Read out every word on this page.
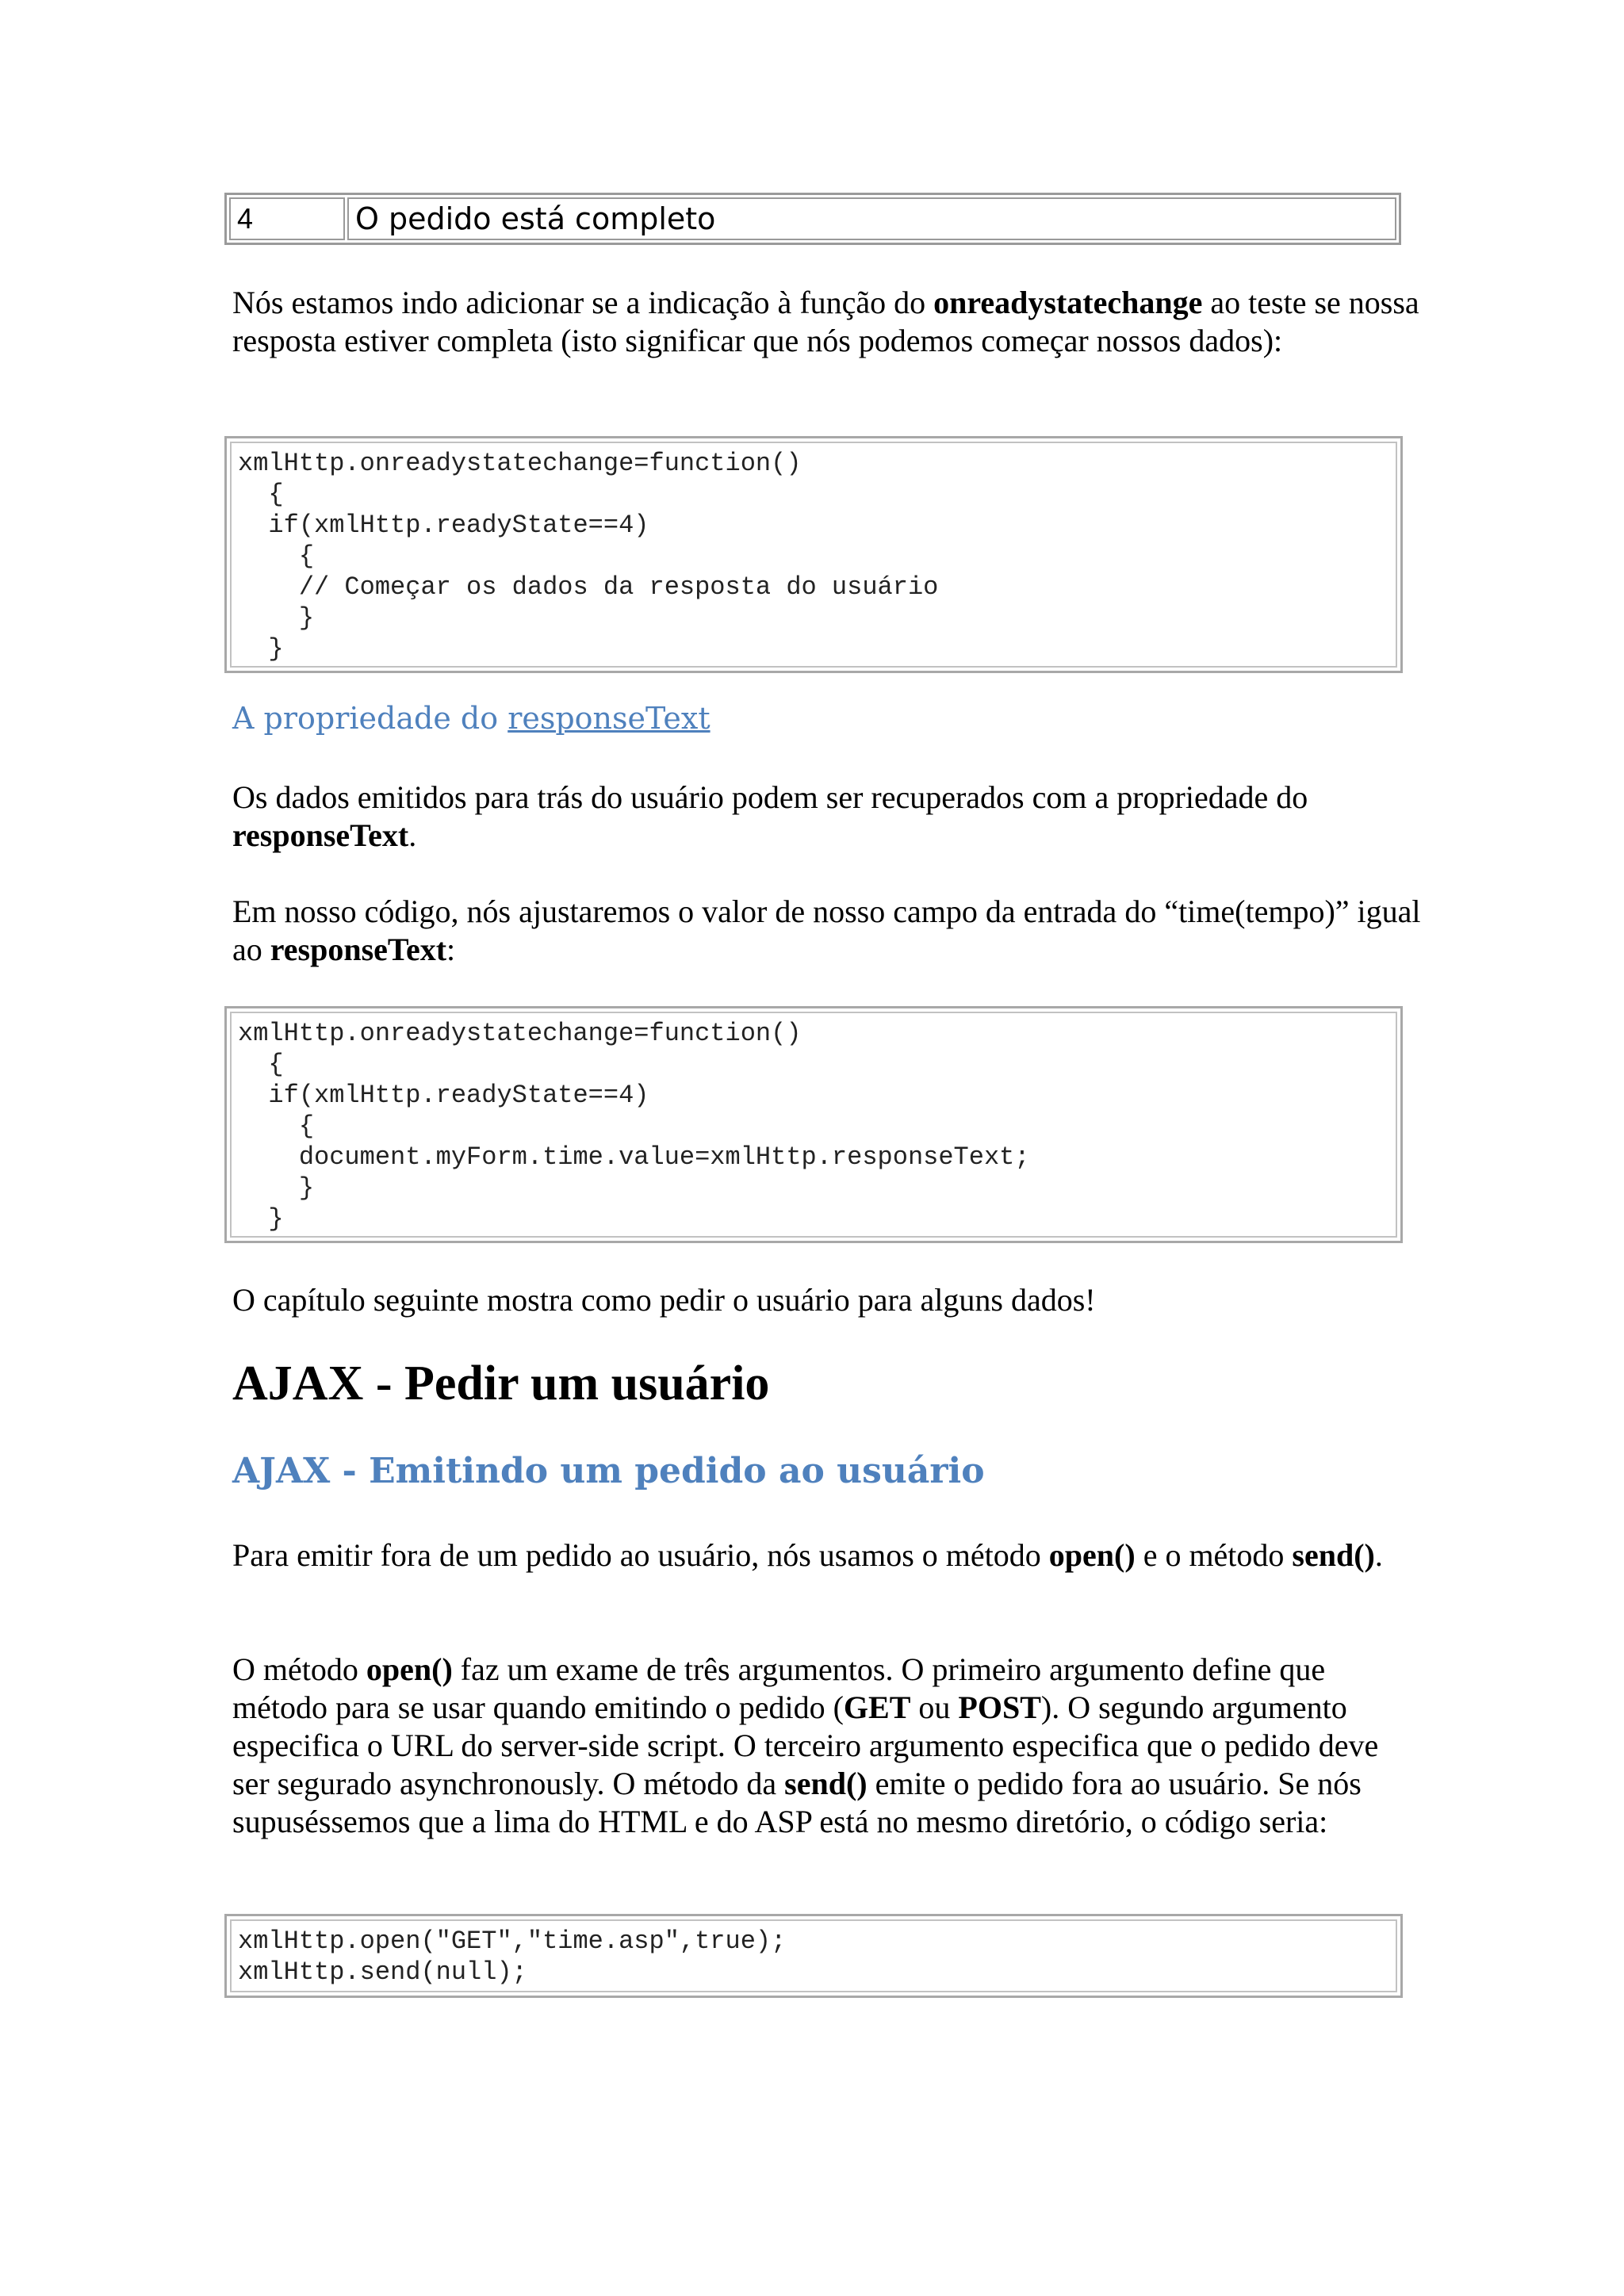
4	O pedido está completo

Nós estamos indo adicionar se a indicação à função do onreadystatechange ao teste se nossa resposta estiver completa (isto significar que nós podemos começar nossos dados):

xmlHttp.onreadystatechange=function()
{
if(xmlHttp.readyState==4)
{
// Começar os dados da resposta do usuário
}
}
A propriedade do responseText

Os dados emitidos para trás do usuário podem ser recuperados com a propriedade do responseText.

Em nosso código, nós ajustaremos o valor de nosso campo da entrada do “time(tempo)” igual ao responseText:

xmlHttp.onreadystatechange=function()
{
if(xmlHttp.readyState==4)
{
document.myForm.time.value=xmlHttp.responseText;
}
}

O capítulo seguinte mostra como pedir o usuário para alguns dados!

AJAX - Pedir um usuário
AJAX - Emitindo um pedido ao usuário

Para emitir fora de um pedido ao usuário, nós usamos o método open() e o método send().

O método open() faz um exame de três argumentos. O primeiro argumento define que método para se usar quando emitindo o pedido (GET ou POST). O segundo argumento especifica o URL do server-side script. O terceiro argumento especifica que o pedido deve ser segurado asynchronously. O método da send() emite o pedido fora ao usuário. Se nós supuséssemos que a lima do HTML e do ASP está no mesmo diretório, o código seria:

xmlHttp.open("GET","time.asp",true);
xmlHttp.send(null);
